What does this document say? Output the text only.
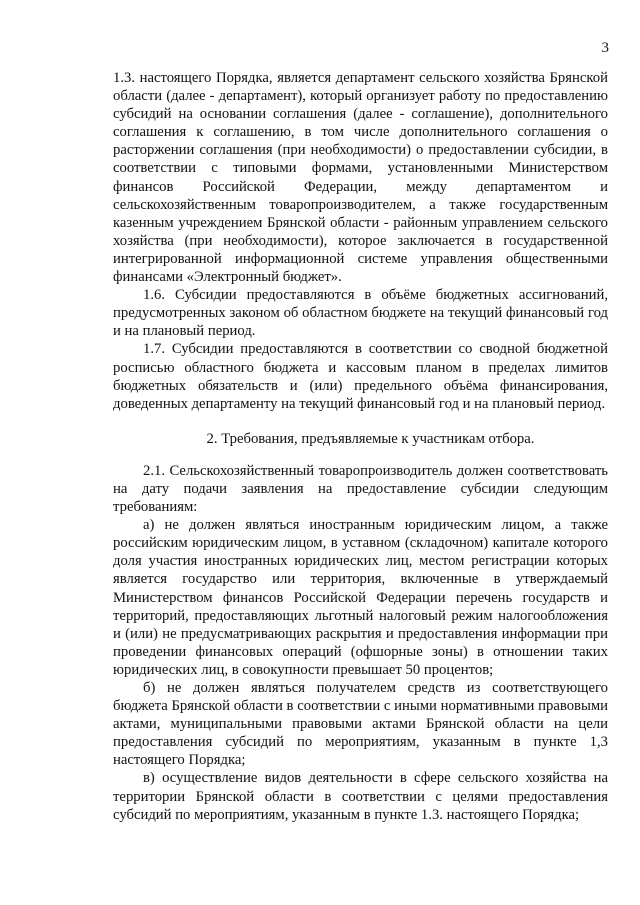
3

1.3. настоящего Порядка, является департамент сельского хозяйства Брянской области (далее - департамент), который организует работу по предоставлению субсидий на основании соглашения (далее - соглашение), дополнительного соглашения к соглашению, в том числе дополнительного соглашения о расторжении соглашения (при необходимости) о предоставлении субсидии, в соответствии с типовыми формами, установленными Министерством финансов Российской Федерации, между департаментом и сельскохозяйственным товаропроизводителем, а также государственным казенным учреждением Брянской области - районным управлением сельского хозяйства (при необходимости), которое заключается в государственной интегрированной информационной системе управления общественными финансами «Электронный бюджет».

1.6. Субсидии предоставляются в объёме бюджетных ассигнований, предусмотренных законом об областном бюджете на текущий финансовый год и на плановый период.

1.7. Субсидии предоставляются в соответствии со сводной бюджетной росписью областного бюджета и кассовым планом в пределах лимитов бюджетных обязательств и (или) предельного объёма финансирования, доведенных департаменту на текущий финансовый год и на плановый период.

2. Требования, предъявляемые к участникам отбора.

2.1. Сельскохозяйственный товаропроизводитель должен соответствовать на дату подачи заявления на предоставление субсидии следующим требованиям:

а) не должен являться иностранным юридическим лицом, а также российским юридическим лицом, в уставном (складочном) капитале которого доля участия иностранных юридических лиц, местом регистрации которых является государство или территория, включенные в утверждаемый Министерством финансов Российской Федерации перечень государств и территорий, предоставляющих льготный налоговый режим налогообложения и (или) не предусматривающих раскрытия и предоставления информации при проведении финансовых операций (офшорные зоны) в отношении таких юридических лиц, в совокупности превышает 50 процентов;

б) не должен являться получателем средств из соответствующего бюджета Брянской области в соответствии с иными нормативными правовыми актами, муниципальными правовыми актами Брянской области на цели предоставления субсидий по мероприятиям, указанным в пункте 1,3 настоящего Порядка;

в) осуществление видов деятельности в сфере сельского хозяйства на территории Брянской области в соответствии с целями предоставления субсидий по мероприятиям, указанным в пункте 1.3. настоящего Порядка;
